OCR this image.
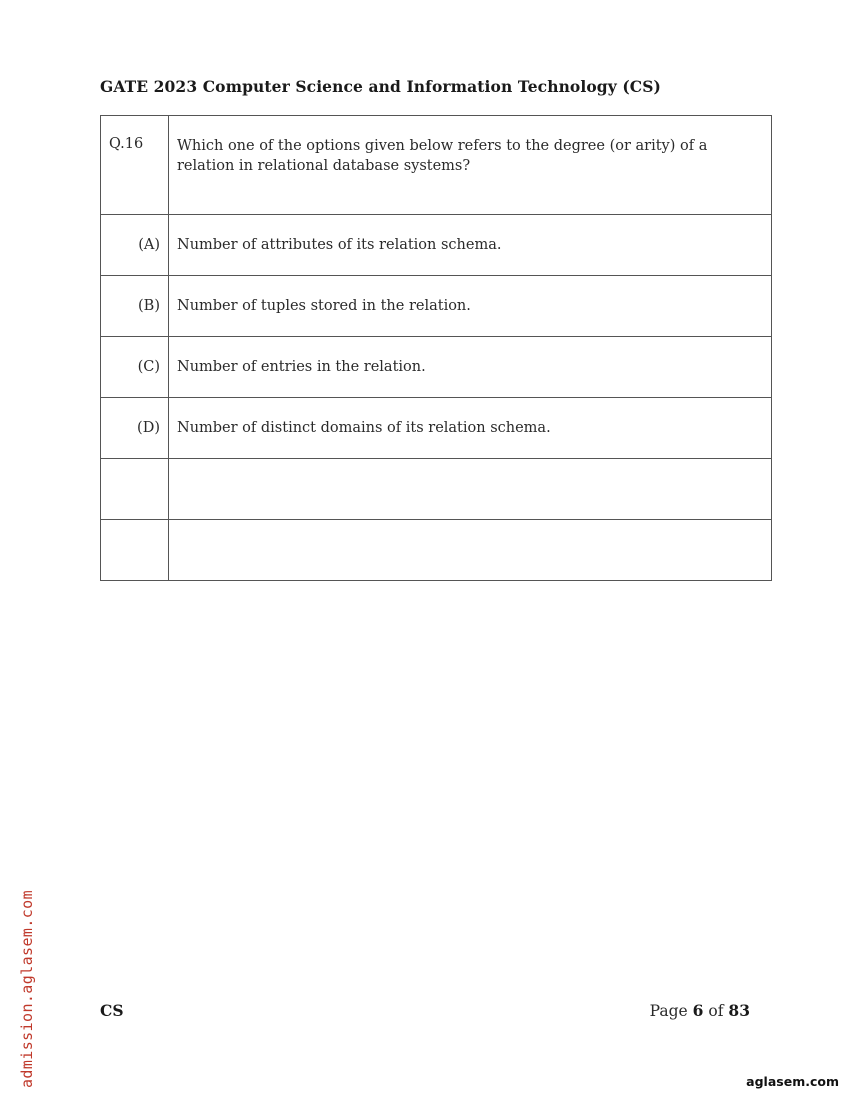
GATE 2023 Computer Science and Information Technology (CS)
Q.16	Which one of the options given below refers to the degree (or arity) of a relation in relational database systems?
(A)	Number of attributes of its relation schema.
(B)	Number of tuples stored in the relation.
(C)	Number of entries in the relation.
(D)	Number of distinct domains of its relation schema.

CS	Page 6 of 83
admission.aglasem.com	aglasem.com
